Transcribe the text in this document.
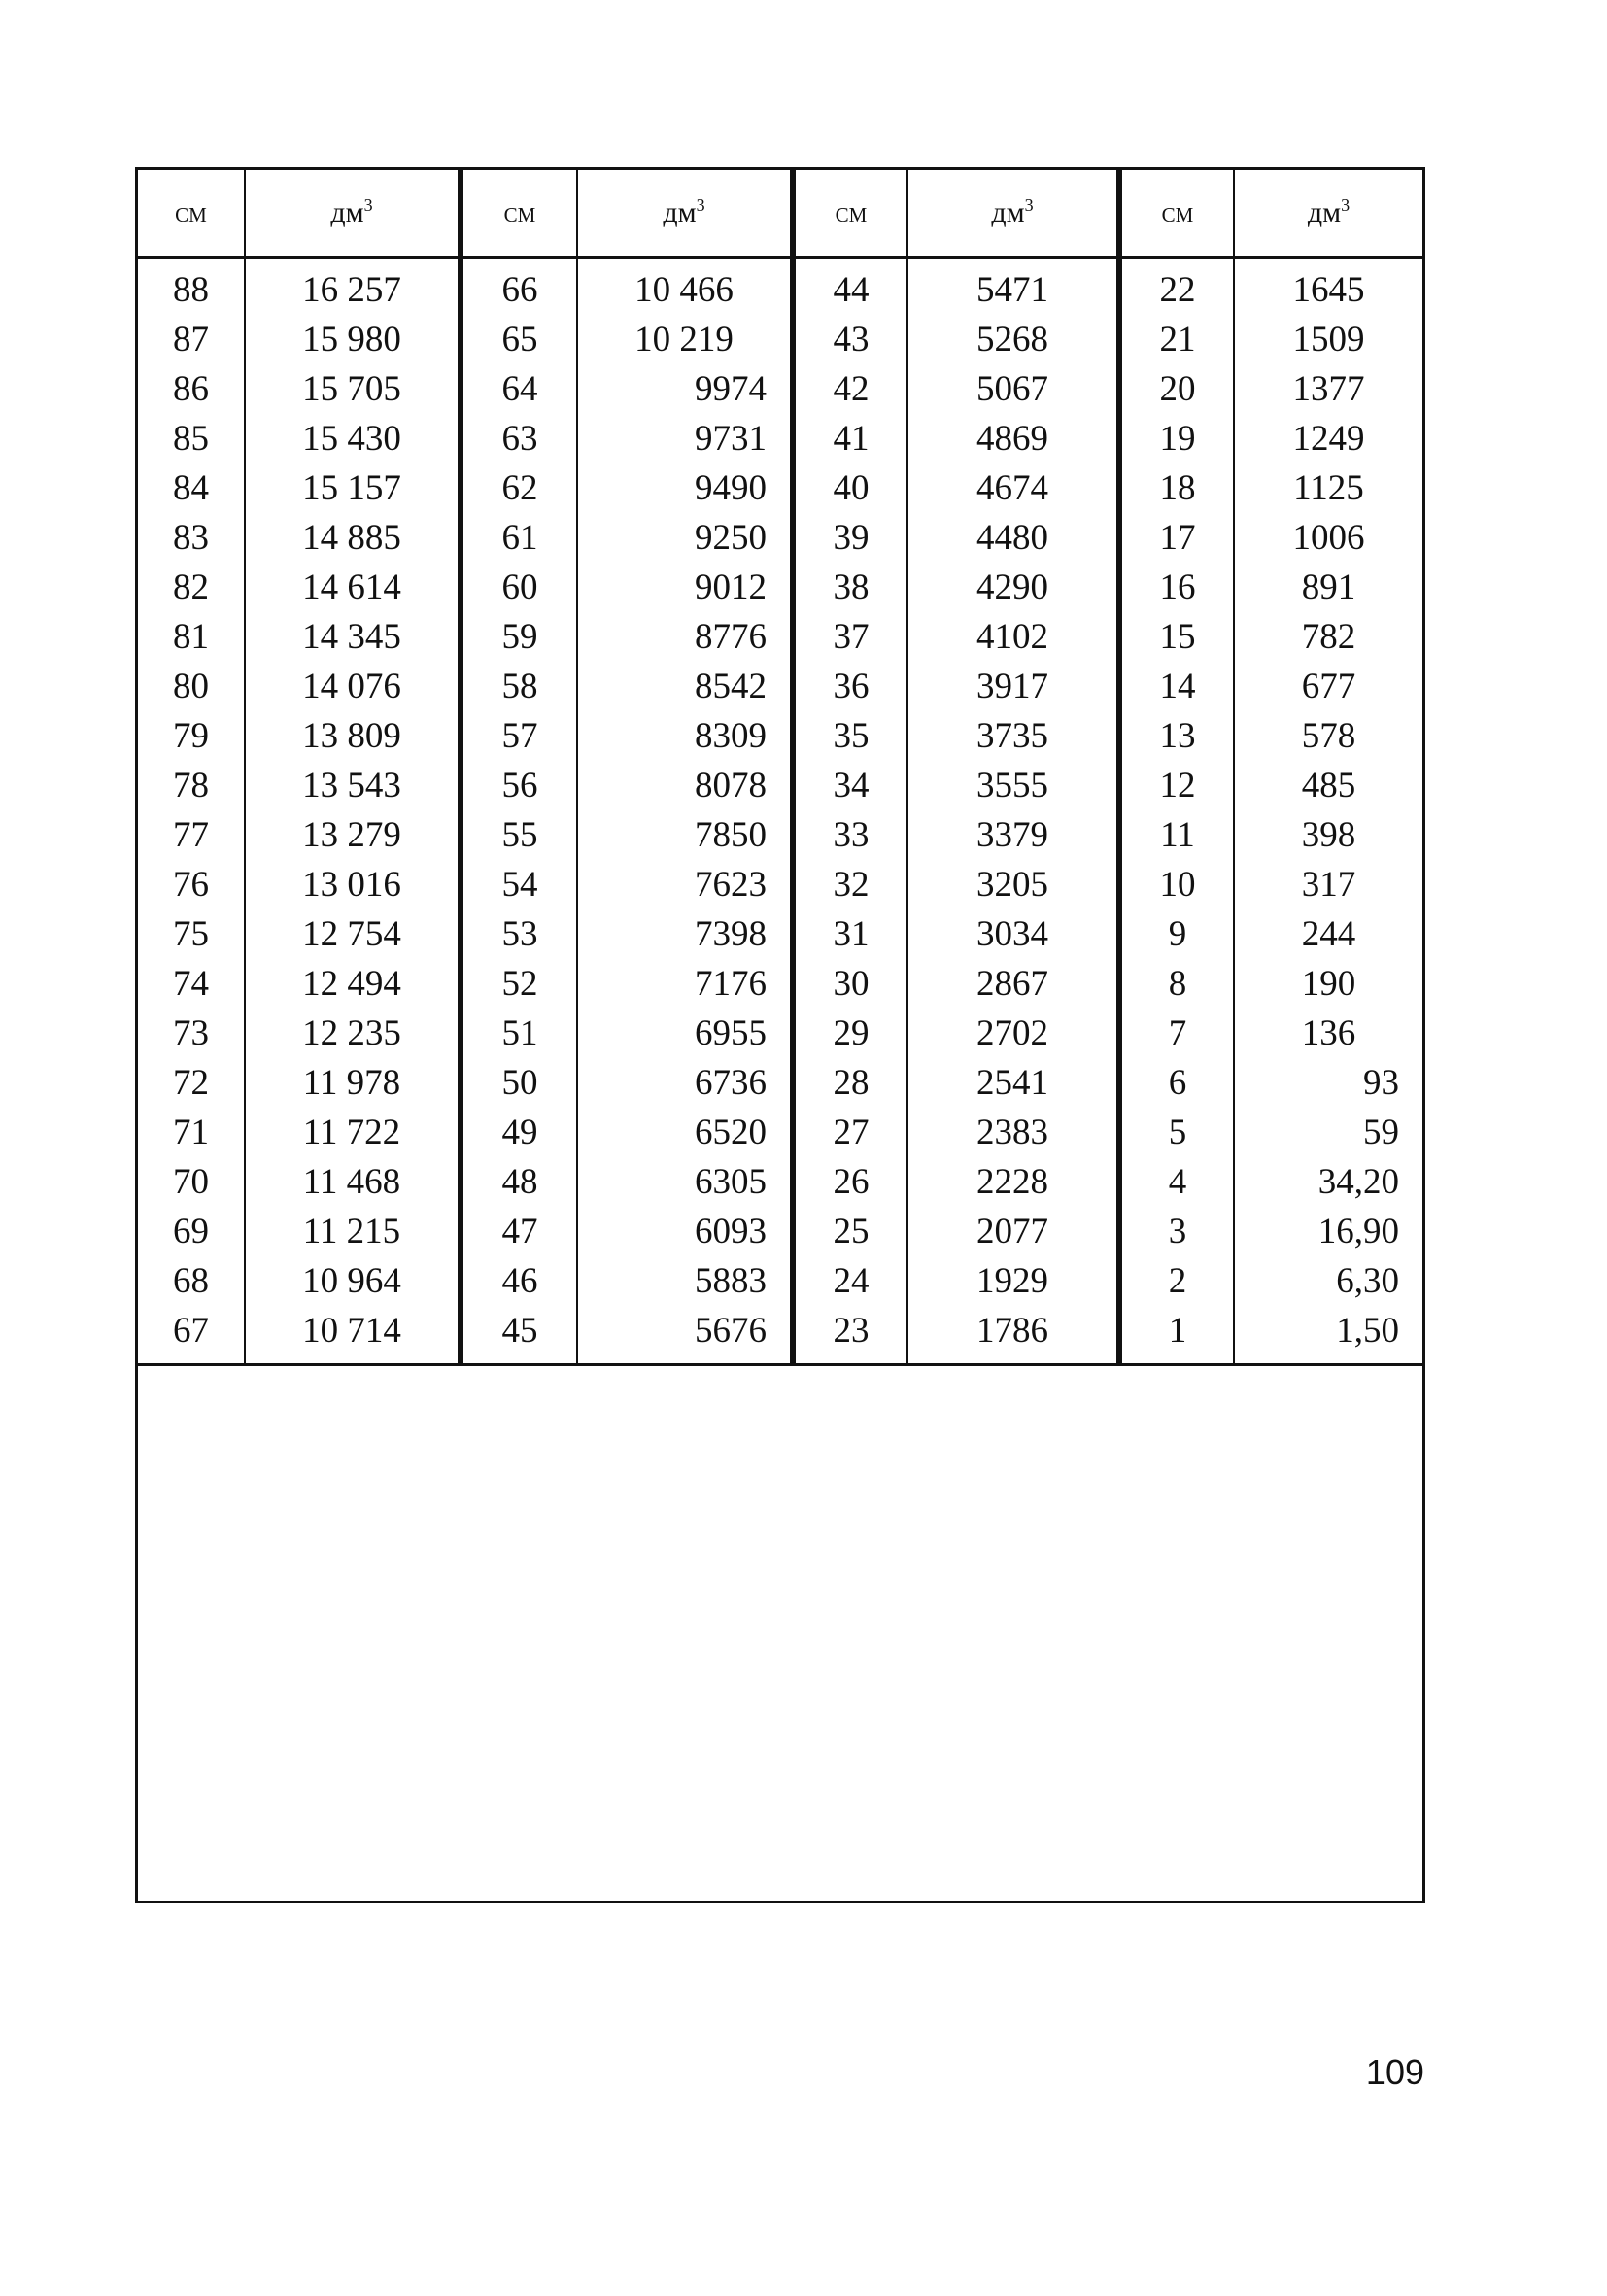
см	$дм^3$	см	$дм^3$	см	$дм^3$	см	$дм^3$
88	16 257	66	10 466	44	5471	22	1645
87	15 980	65	10 219	43	5268	21	1509
86	15 705	64	9974	42	5067	20	1377
85	15 430	63	9731	41	4869	19	1249
84	15 157	62	9490	40	4674	18	1125
83	14 885	61	9250	39	4480	17	1006
82	14 614	60	9012	38	4290	16	891
81	14 345	59	8776	37	4102	15	782
80	14 076	58	8542	36	3917	14	677
79	13 809	57	8309	35	3735	13	578
78	13 543	56	8078	34	3555	12	485
77	13 279	55	7850	33	3379	11	398
76	13 016	54	7623	32	3205	10	317
75	12 754	53	7398	31	3034	9	244
74	12 494	52	7176	30	2867	8	190
73	12 235	51	6955	29	2702	7	136
72	11 978	50	6736	28	2541	6	93
71	11 722	49	6520	27	2383	5	59
70	11 468	48	6305	26	2228	4	34,20
69	11 215	47	6093	25	2077	3	16,90
68	10 964	46	5883	24	1929	2	6,30
67	10 714	45	5676	23	1786	1	1,50

109
